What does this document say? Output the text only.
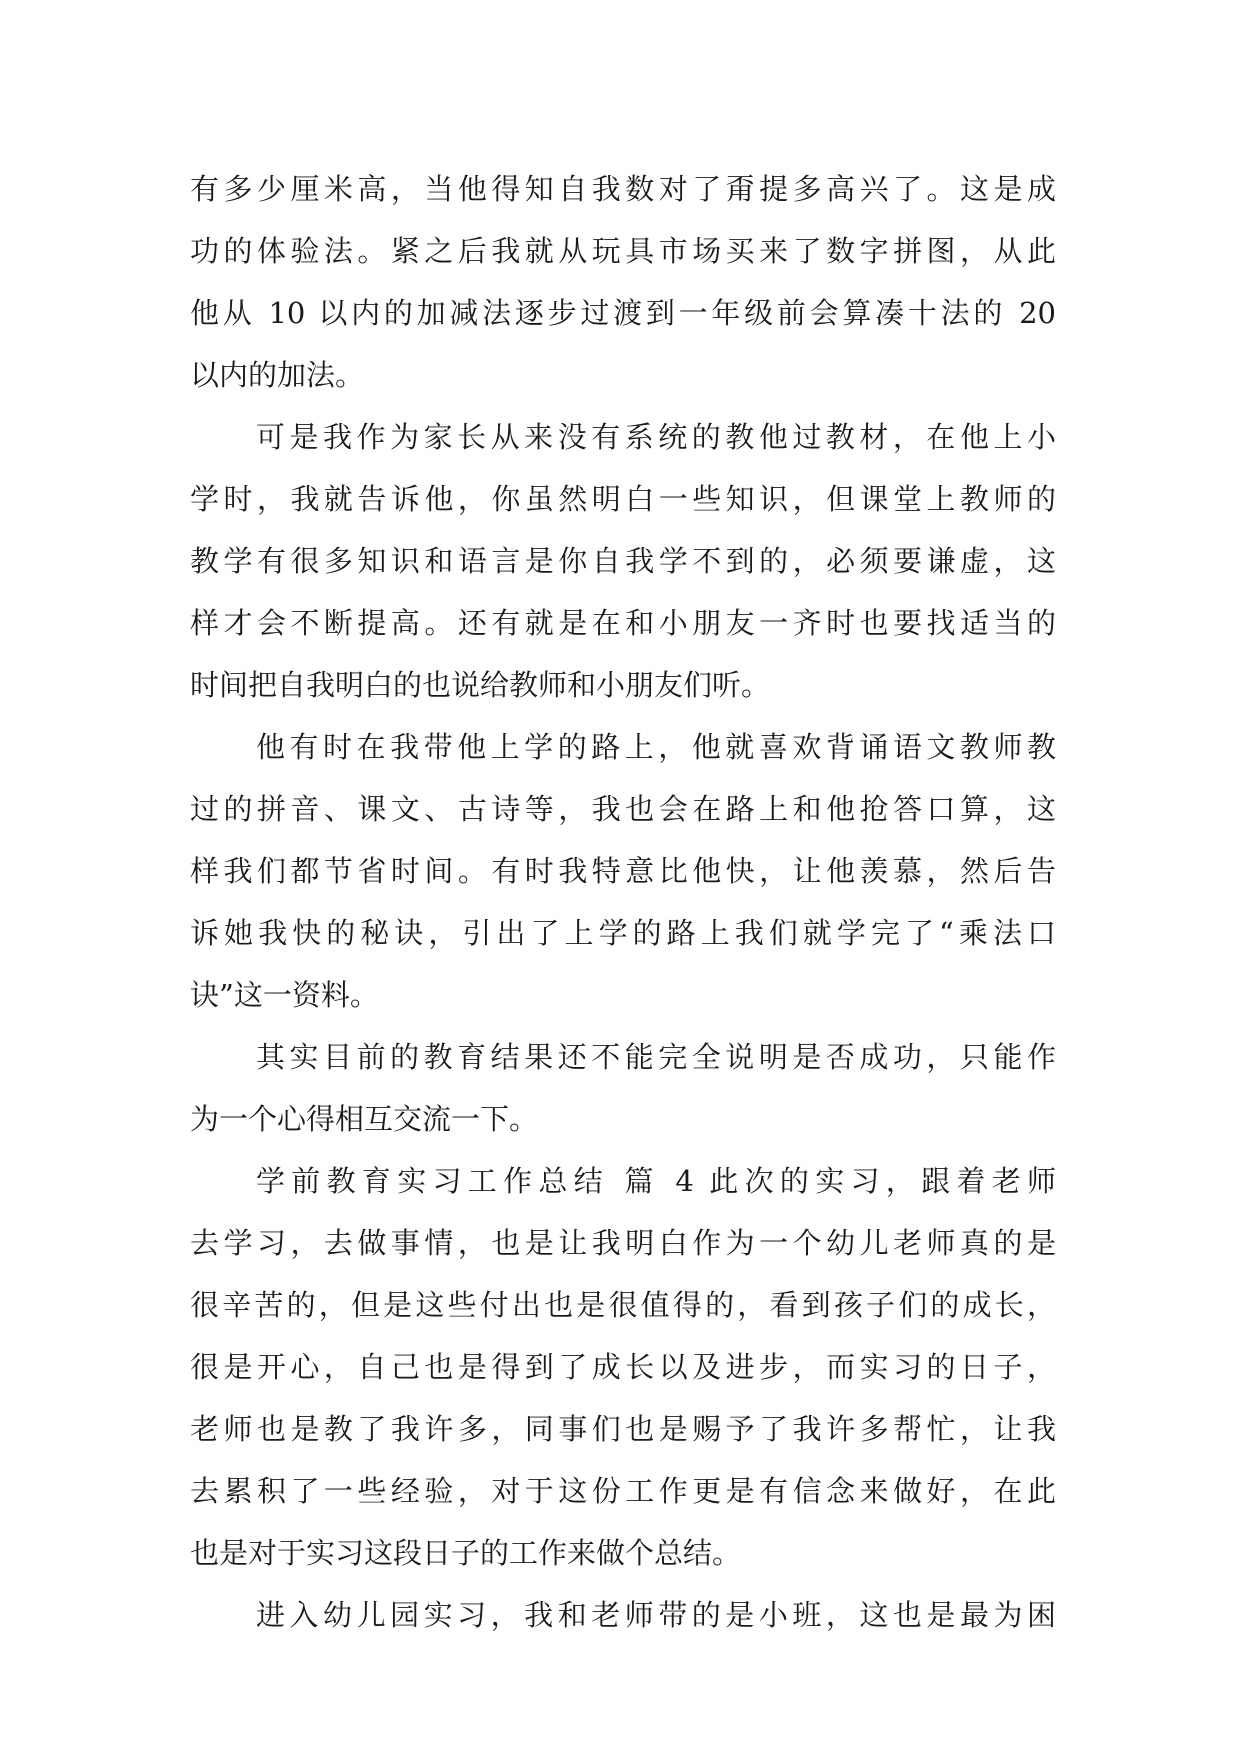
有多少厘米高，当他得知自我数对了甭提多高兴了。这是成
功的体验法。紧之后我就从玩具市场买来了数字拼图，从此
他从 10 以内的加减法逐步过渡到一年级前会算凑十法的 20
以内的加法。
可是我作为家长从来没有系统的教他过教材，在他上小
学时，我就告诉他，你虽然明白一些知识，但课堂上教师的
教学有很多知识和语言是你自我学不到的，必须要谦虚，这
样才会不断提高。还有就是在和小朋友一齐时也要找适当的
时间把自我明白的也说给教师和小朋友们听。
他有时在我带他上学的路上，他就喜欢背诵语文教师教
过的拼音、课文、古诗等，我也会在路上和他抢答口算，这
样我们都节省时间。有时我特意比他快，让他羡慕，然后告
诉她我快的秘诀，引出了上学的路上我们就学完了“乘法口
诀”这一资料。
其实目前的教育结果还不能完全说明是否成功，只能作
为一个心得相互交流一下。
学前教育实习工作总结 篇 4 此次的实习，跟着老师
去学习，去做事情，也是让我明白作为一个幼儿老师真的是
很辛苦的，但是这些付出也是很值得的，看到孩子们的成长，
很是开心，自己也是得到了成长以及进步，而实习的日子，
老师也是教了我许多，同事们也是赐予了我许多帮忙，让我
去累积了一些经验，对于这份工作更是有信念来做好，在此
也是对于实习这段日子的工作来做个总结。
进入幼儿园实习，我和老师带的是小班，这也是最为困
